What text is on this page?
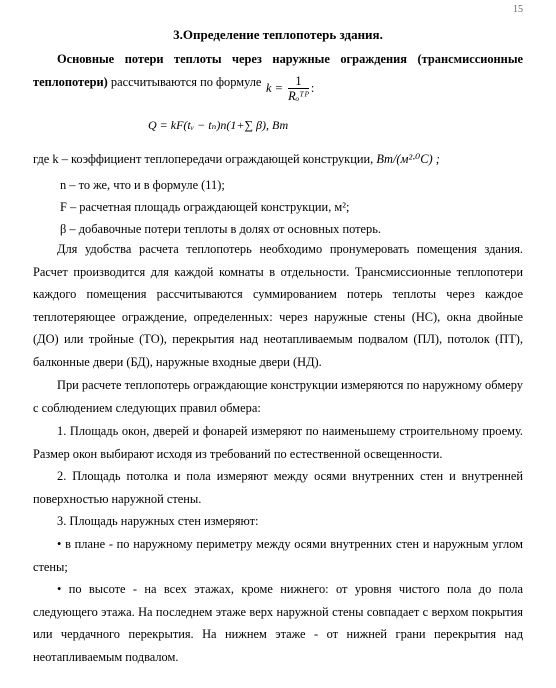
15
3.Определение теплопотерь здания.
Основные потери теплоты через наружные ограждения (трансмиссионные теплопотери) рассчитываются по формуле $k = \frac{1}{\text{Rₒᵀᴾ}}$ :
Q = kF(tᵥ − tₙ)n(1+∑ β), Вт
где k – коэффициент теплопередачи ограждающей конструкции, Вт/(м²·⁰С) ;
n – то же, что и в формуле (11);
F – расчетная площадь ограждающей конструкции, м²;
β – добавочные потери теплоты в долях от основных потерь.
Для удобства расчета теплопотерь необходимо пронумеровать помещения здания. Расчет производится для каждой комнаты в отдельности. Трансмиссионные теплопотери каждого помещения рассчитываются суммированием потерь теплоты через каждое теплотеряющее ограждение, определенных: через наружные стены (НС), окна двойные (ДО) или тройные (ТО), перекрытия над неотапливаемым подвалом (ПЛ), потолок (ПТ), балконные двери (БД), наружные входные двери (НД).
При расчете теплопотерь ограждающие конструкции измеряются по наружному обмеру с соблюдением следующих правил обмера:
1. Площадь окон, дверей и фонарей измеряют по наименьшему строительному проему. Размер окон выбирают исходя из требований по естественной освещенности.
2. Площадь потолка и пола измеряют между осями внутренних стен и внутренней поверхностью наружной стены.
3. Площадь наружных стен измеряют:
• в плане - по наружному периметру между осями внутренних стен и наружным углом стены;
• по высоте - на всех этажах, кроме нижнего: от уровня чистого пола до пола следующего этажа. На последнем этаже верх наружной стены совпадает с верхом покрытия или чердачного перекрытия. На нижнем этаже - от нижней грани перекрытия над неотапливаемым подвалом.
